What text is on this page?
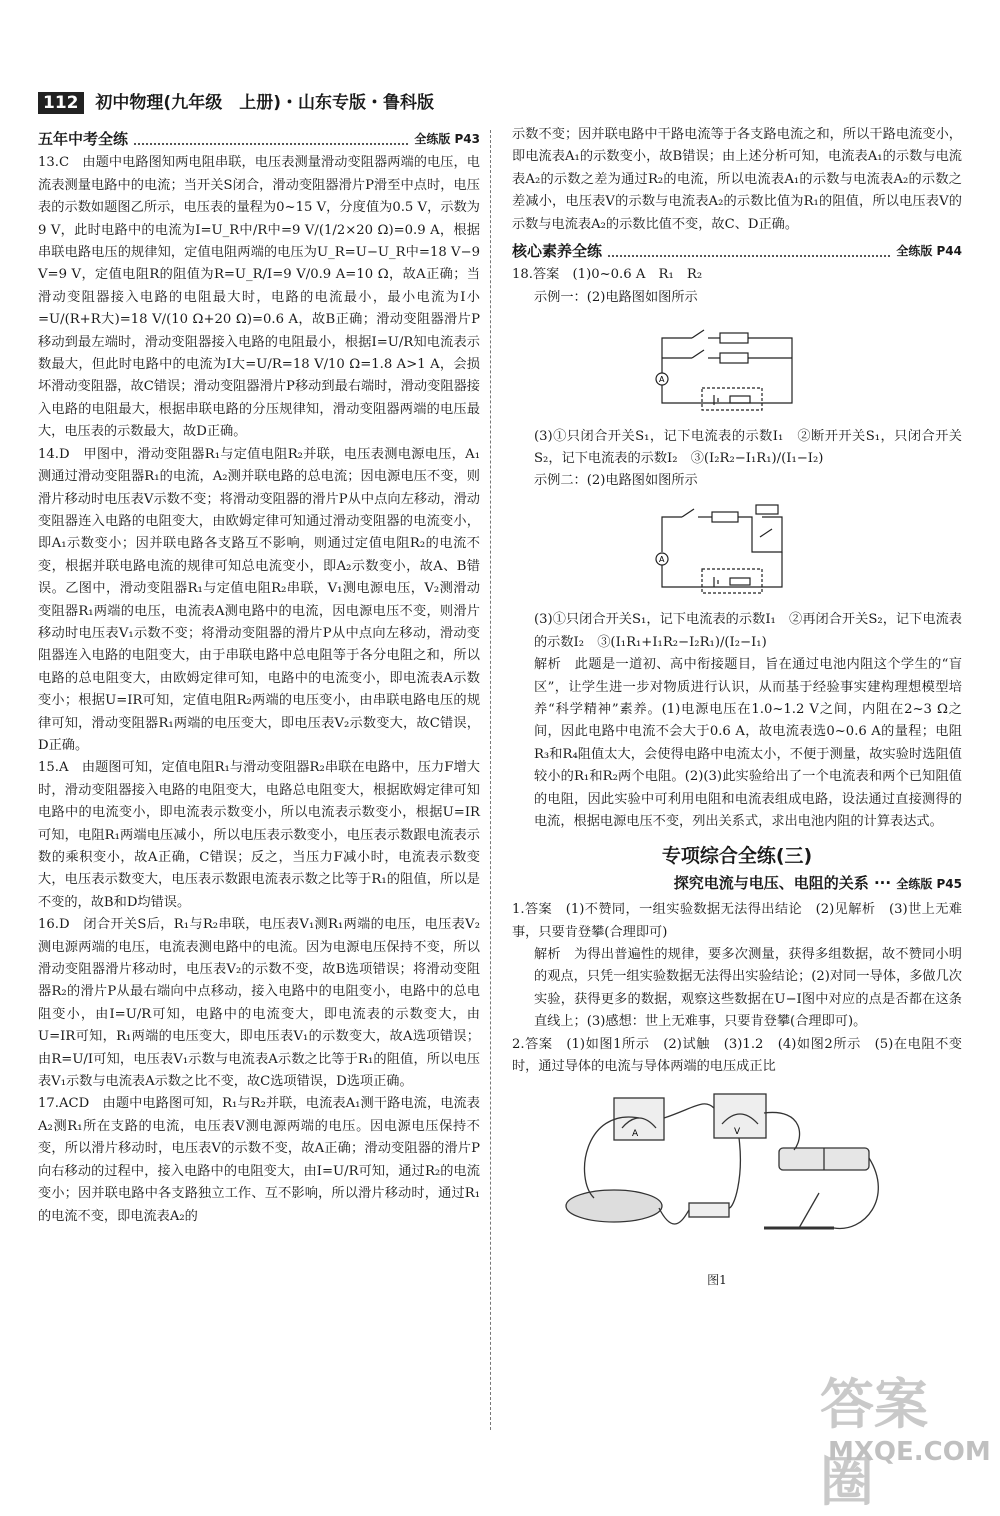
112 初中物理(九年级　上册)・山东专版・鲁科版
五年中考全练	全练版 P43

13.C　由题中电路图知两电阻串联，电压表测量滑动变阻器两端的电压，电流表测量电路中的电流；当开关S闭合，滑动变阻器滑片P滑至中点时，电压表的示数如题图乙所示，电压表的量程为0~15 V，分度值为0.5 V，示数为9 V，此时电路中的电流为I=U_R中/R中=9 V/(1/2×20 Ω)=0.9 A，根据串联电路电压的规律知，定值电阻两端的电压为U_R=U−U_R中=18 V−9 V=9 V，定值电阻R的阻值为R=U_R/I=9 V/0.9 A=10 Ω，故A正确；当滑动变阻器接入电路的电阻最大时，电路的电流最小，最小电流为I小=U/(R+R大)=18 V/(10 Ω+20 Ω)=0.6 A，故B正确；滑动变阻器滑片P移动到最左端时，滑动变阻器接入电路的电阻最小，根据I=U/R知电流表示数最大，但此时电路中的电流为I大=U/R=18 V/10 Ω=1.8 A>1 A，会损坏滑动变阻器，故C错误；滑动变阻器滑片P移动到最右端时，滑动变阻器接入电路的电阻最大，根据串联电路的分压规律知，滑动变阻器两端的电压最大，电压表的示数最大，故D正确。

14.D　甲图中，滑动变阻器R₁与定值电阻R₂并联，电压表测电源电压，A₁测通过滑动变阻器R₁的电流，A₂测并联电路的总电流；因电源电压不变，则滑片移动时电压表V示数不变；将滑动变阻器的滑片P从中点向左移动，滑动变阻器连入电路的电阻变大，由欧姆定律可知通过滑动变阻器的电流变小，即A₁示数变小；因并联电路各支路互不影响，则通过定值电阻R₂的电流不变，根据并联电路电流的规律可知总电流变小，即A₂示数变小，故A、B错误。乙图中，滑动变阻器R₁与定值电阻R₂串联，V₁测电源电压，V₂测滑动变阻器R₁两端的电压，电流表A测电路中的电流，因电源电压不变，则滑片移动时电压表V₁示数不变；将滑动变阻器的滑片P从中点向左移动，滑动变阻器连入电路的电阻变大，由于串联电路中总电阻等于各分电阻之和，所以电路的总电阻变大，由欧姆定律可知，电路中的电流变小，即电流表A示数变小；根据U=IR可知，定值电阻R₂两端的电压变小，由串联电路电压的规律可知，滑动变阻器R₁两端的电压变大，即电压表V₂示数变大，故C错误，D正确。

15.A　由题图可知，定值电阻R₁与滑动变阻器R₂串联在电路中，压力F增大时，滑动变阻器接入电路的电阻变大，电路总电阻变大，根据欧姆定律可知电路中的电流变小，即电流表示数变小，所以电流表示数变小，根据U=IR可知，电阻R₁两端电压减小，所以电压表示数变小，电压表示数跟电流表示数的乘积变小，故A正确，C错误；反之，当压力F减小时，电流表示数变大，电压表示数变大，电压表示数跟电流表示数之比等于R₁的阻值，所以是不变的，故B和D均错误。

16.D　闭合开关S后，R₁与R₂串联，电压表V₁测R₁两端的电压，电压表V₂测电源两端的电压，电流表测电路中的电流。因为电源电压保持不变，所以滑动变阻器滑片移动时，电压表V₂的示数不变，故B选项错误；将滑动变阻器R₂的滑片P从最右端向中点移动，接入电路中的电阻变小，电路中的总电阻变小，由I=U/R可知，电路中的电流变大，即电流表的示数变大，由U=IR可知，R₁两端的电压变大，即电压表V₁的示数变大，故A选项错误；由R=U/I可知，电压表V₁示数与电流表A示数之比等于R₁的阻值，所以电压表V₁示数与电流表A示数之比不变，故C选项错误，D选项正确。

17.ACD　由题中电路图可知，R₁与R₂并联，电流表A₁测干路电流，电流表A₂测R₁所在支路的电流，电压表V测电源两端的电压。因电源电压保持不变，所以滑片移动时，电压表V的示数不变，故A正确；滑动变阻器的滑片P向右移动的过程中，接入电路中的电阻变大，由I=U/R可知，通过R₂的电流变小；因并联电路中各支路独立工作、互不影响，所以滑片移动时，通过R₁的电流不变，即电流表A₂的

示数不变；因并联电路中干路电流等于各支路电流之和，所以干路电流变小，即电流表A₁的示数变小，故B错误；由上述分析可知，电流表A₁的示数与电流表A₂的示数之差为通过R₂的电流，所以电流表A₁的示数与电流表A₂的示数之差减小，电压表V的示数与电流表A₂的示数比值为R₁的阻值，所以电压表V的示数与电流表A₂的示数比值不变，故C、D正确。

核心素养全练	全练版 P44

18.答案　(1)0~0.6 A　R₁　R₂

示例一：(2)电路图如图所示

A

(3)①只闭合开关S₁，记下电流表的示数I₁　②断开开关S₁，只闭合开关S₂，记下电流表的示数I₂　③(I₂R₂−I₁R₁)/(I₁−I₂)

示例二：(2)电路图如图所示

A

(3)①只闭合开关S₁，记下电流表的示数I₁　②再闭合开关S₂，记下电流表的示数I₂　③(I₁R₁+I₁R₂−I₂R₁)/(I₂−I₁)

解析　此题是一道初、高中衔接题目，旨在通过电池内阻这个学生的“盲区”，让学生进一步对物质进行认识，从而基于经验事实建构理想模型培养“科学精神”素养。(1)电源电压在1.0~1.2 V之间，内阻在2~3 Ω之间，因此电路中电流不会大于0.6 A，故电流表选0~0.6 A的量程；电阻R₃和R₄阻值太大，会使得电路中电流太小，不便于测量，故实验时选阻值较小的R₁和R₂两个电阻。(2)(3)此实验给出了一个电流表和两个已知阻值的电阻，因此实验中可利用电阻和电流表组成电路，设法通过直接测得的电流，根据电源电压不变，列出关系式，求出电池内阻的计算表达式。

专项综合全练(三)
探究电流与电压、电阻的关系 ··· 全练版 P45

1.答案　(1)不赞同，一组实验数据无法得出结论　(2)见解析　(3)世上无难事，只要肯登攀(合理即可)

解析　为得出普遍性的规律，要多次测量，获得多组数据，故不赞同小明的观点，只凭一组实验数据无法得出实验结论；(2)对同一导体，多做几次实验，获得更多的数据，观察这些数据在U−I图中对应的点是否都在这条直线上；(3)感想：世上无难事，只要肯登攀(合理即可)。

2.答案　(1)如图1所示　(2)试触　(3)1.2　(4)如图2所示　(5)在电阻不变时，通过导体的电流与导体两端的电压成正比

A	V
图1
答案圈
MXQE.COM
